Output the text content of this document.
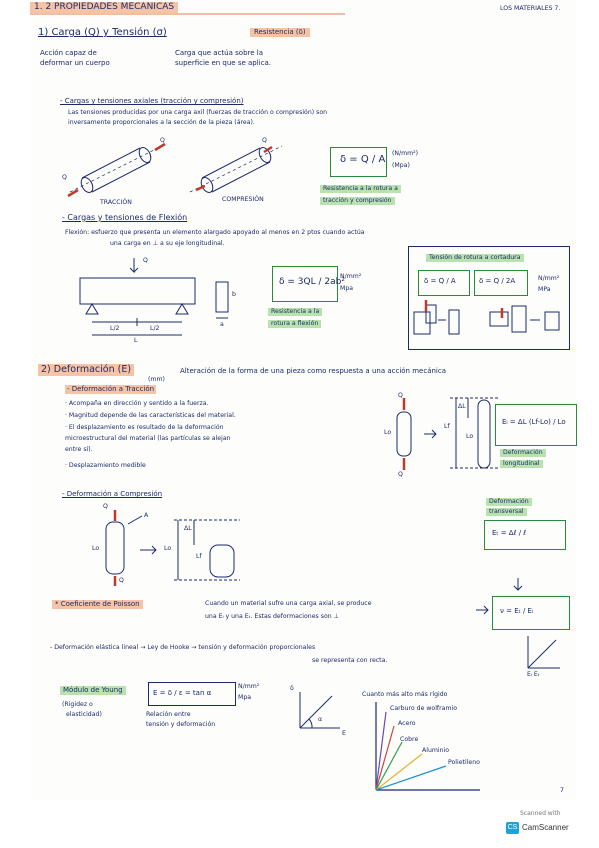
1. 2 PROPIEDADES MECANICAS	LOS MATERIALES 7.
1) Carga (Q) y Tensión (σ)	Resistencia (δ)
Acción capaz de
deformar un cuerpo
Carga que actúa sobre la
superficie en que se aplica.
- Cargas y tensiones axiales (tracción y compresión)
Las tensiones producidas por una carga axil (fuerzas de tracción o compresión) son
inversamente proporcionales a la sección de la pieza (área).
Q
Q	Q
TRACCIÓN	COMPRESIÓN
δ = Q / A
(N/mm²)
(Mpa)
Resistencia a la rotura a
tracción y compresión
- Cargas y tensiones de Flexión
Flexión: esfuerzo que presenta un elemento alargado apoyado al menos en 2 ptos cuando actúa
una carga en ⊥ a su eje longitudinal.
Q
L/2	L/2
L
b
a
δ = 3QL / 2ab²
N/mm²
Mpa
Resistencia a la
rotura a flexión
Tensión de rotura a cortadura
δ = Q / A	δ = Q / 2A	N/mm²
MPa
2) Deformación (E)	Alteración de la forma de una pieza como respuesta a una acción mecánica
(mm)
- Deformación a Tracción
· Acompaña en dirección y sentido a la fuerza.
· Magnitud depende de las características del material.
· El desplazamiento es resultado de la deformación
microestructural del material (las partículas se alejan
entre sí).
· Desplazamiento medible
Q
Q
Lo
Lf
ΔL
Lo
Eₗ = ΔL (Lf-Lo) / Lo
Deformación
longitudinal
- Deformación a Compresión
Q
Q
A
Lo	Lo
ΔL
Lf
Deformación
transversal
Eₜ = Δℓ / ℓ
* Coeficiente de Poisson	Cuando un material sufre una carga axial, se produce
una Eₗ y una Eₜ. Estas deformaciones son ⊥
ν = Eₜ / Eₗ
- Deformación elástica lineal → Ley de Hooke → tensión y deformación proporcionales
se representa con recta.
Eₗ Eₜ
Módulo de Young
(Rigidez o
elasticidad)
E = δ / ε = tan α
N/mm²
Mpa
Relación entre
tensión y deformación
δ
α
E
Cuanto más alto más rígido
Carburo de wolframio
Acero
Cobre
Aluminio
Polietileno
7
Scanned with
CS CamScanner
